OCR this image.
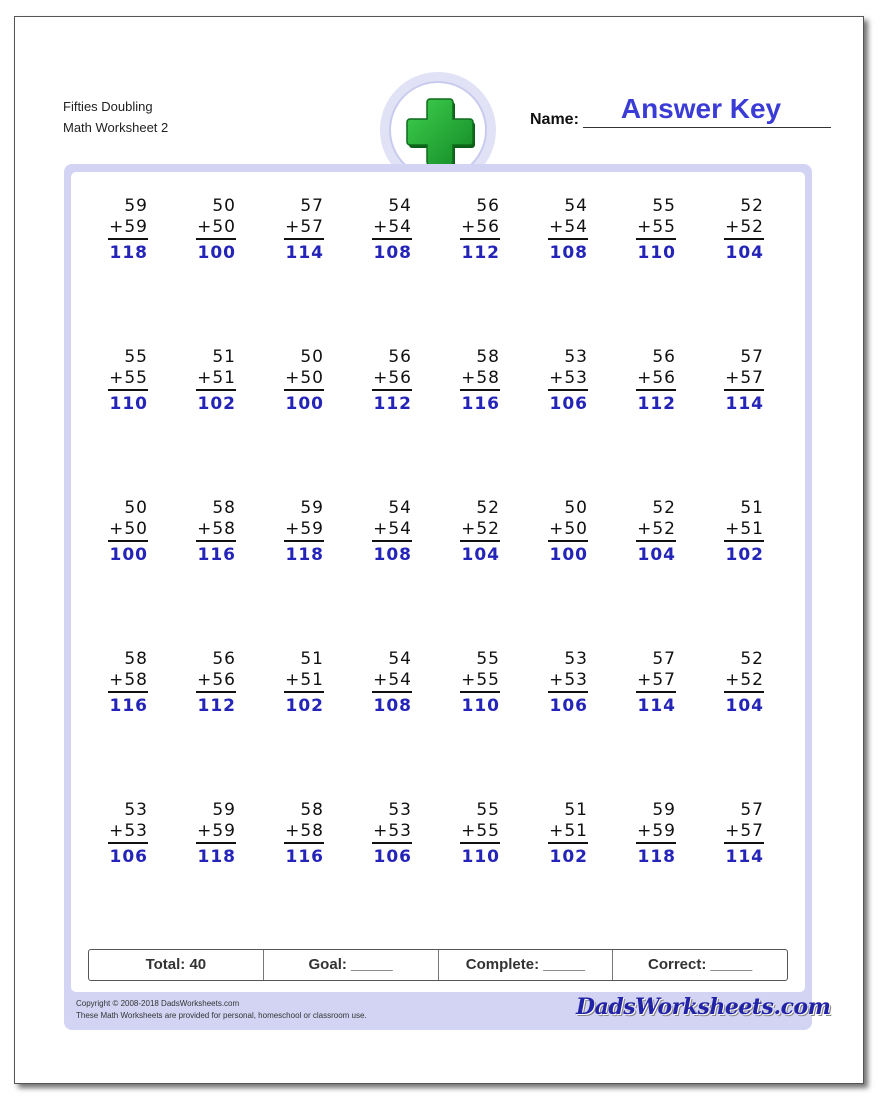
Fifties Doubling
Math Worksheet 2	Name:	Answer Key
59
+59
118
50
+50
100
57
+57
114
54
+54
108
56
+56
112
54
+54
108
55
+55
110
52
+52
104
55
+55
110
51
+51
102
50
+50
100
56
+56
112
58
+58
116
53
+53
106
56
+56
112
57
+57
114
50
+50
100
58
+58
116
59
+59
118
54
+54
108
52
+52
104
50
+50
100
52
+52
104
51
+51
102
58
+58
116
56
+56
112
51
+51
102
54
+54
108
55
+55
110
53
+53
106
57
+57
114
52
+52
104
53
+53
106
59
+59
118
58
+58
116
53
+53
106
55
+55
110
51
+51
102
59
+59
118
57
+57
114
Total: 40	Goal: _____	Complete: _____	Correct: _____
Copyright © 2008-2018 DadsWorksheets.com
These Math Worksheets are provided for personal, homeschool or classroom use.	DadsWorksheets.com
